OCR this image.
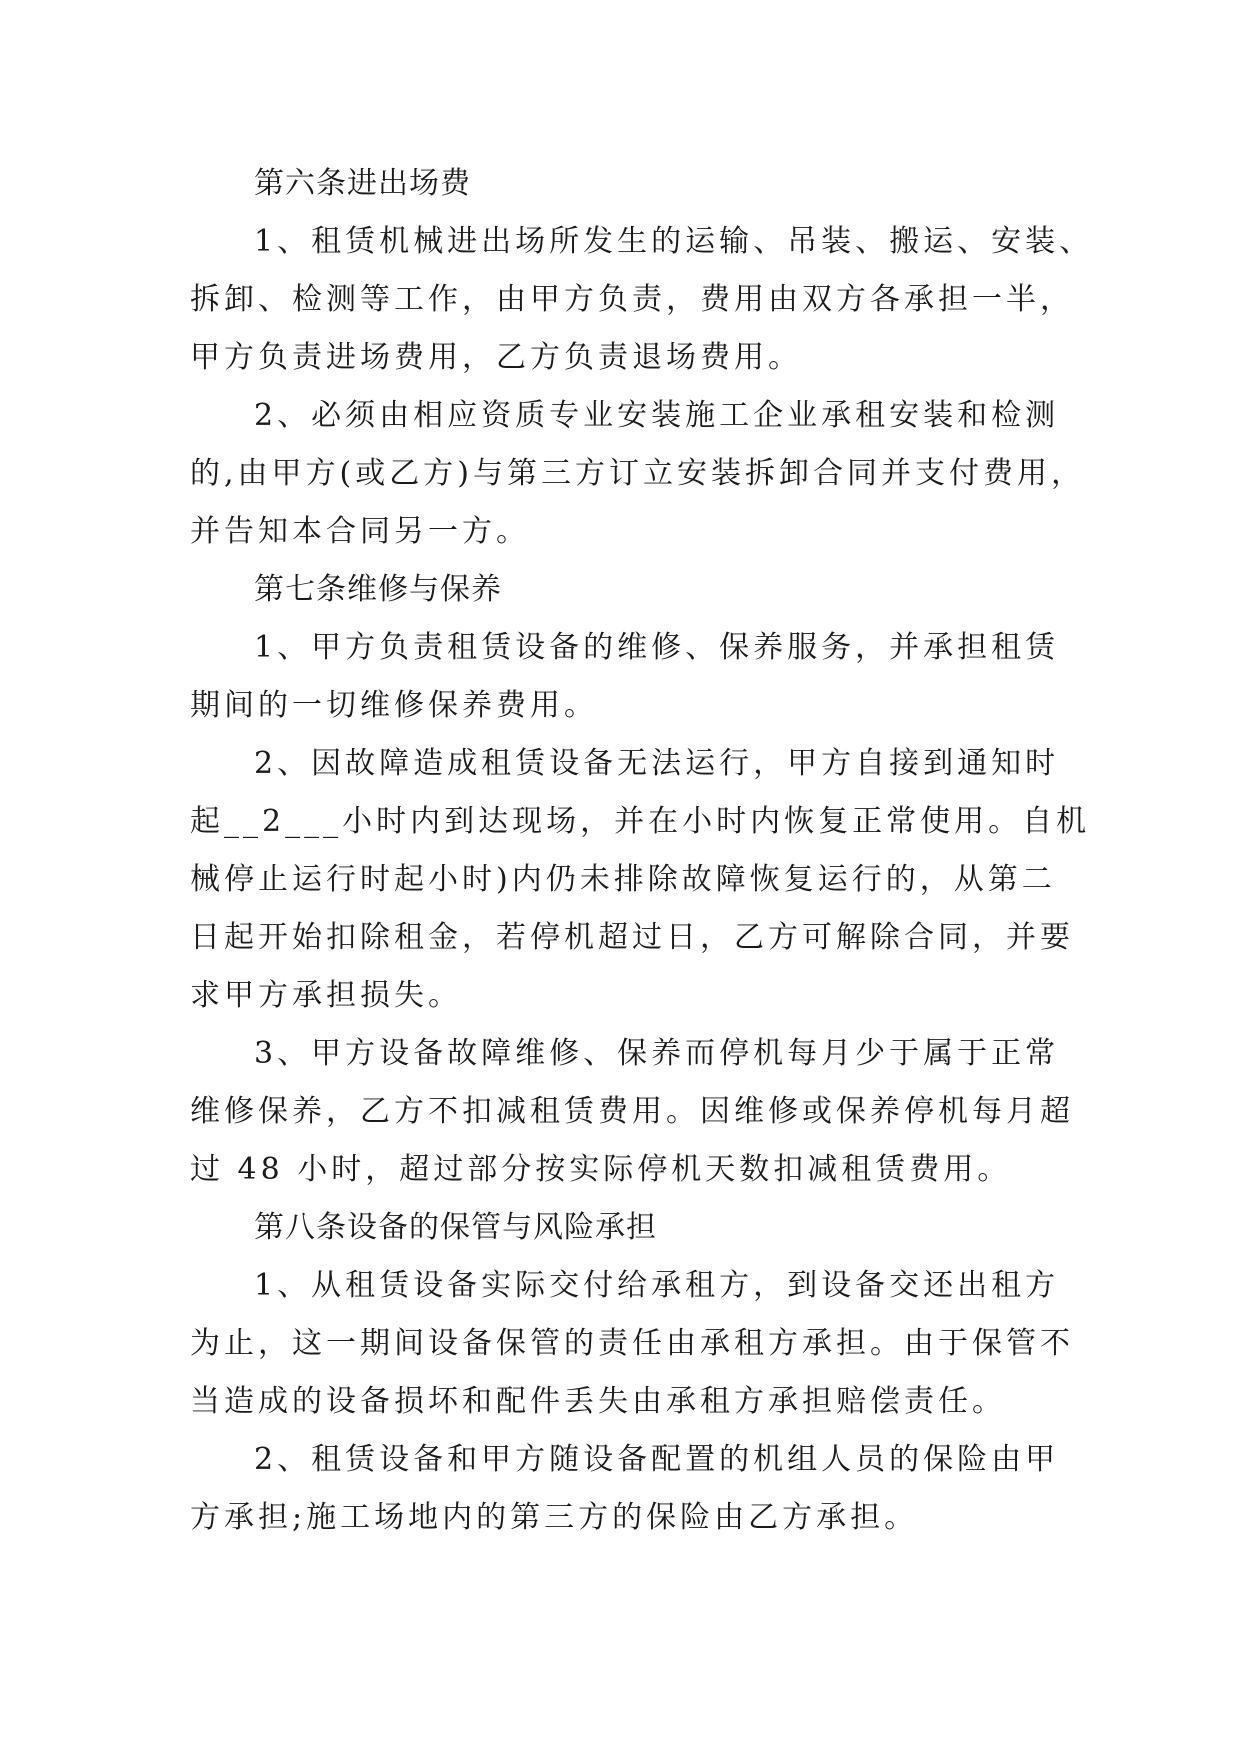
第六条进出场费
1、租赁机械进出场所发生的运输、吊装、搬运、安装、
拆卸、检测等工作，由甲方负责，费用由双方各承担一半，
甲方负责进场费用，乙方负责退场费用。
2、必须由相应资质专业安装施工企业承租安装和检测
的,由甲方(或乙方)与第三方订立安装拆卸合同并支付费用，
并告知本合同另一方。
第七条维修与保养
1、甲方负责租赁设备的维修、保养服务，并承担租赁
期间的一切维修保养费用。
2、因故障造成租赁设备无法运行，甲方自接到通知时
起__2___小时内到达现场，并在小时内恢复正常使用。自机
械停止运行时起小时)内仍未排除故障恢复运行的，从第二
日起开始扣除租金，若停机超过日，乙方可解除合同，并要
求甲方承担损失。
3、甲方设备故障维修、保养而停机每月少于属于正常
维修保养，乙方不扣减租赁费用。因维修或保养停机每月超
过 48 小时，超过部分按实际停机天数扣减租赁费用。
第八条设备的保管与风险承担
1、从租赁设备实际交付给承租方，到设备交还出租方
为止，这一期间设备保管的责任由承租方承担。由于保管不
当造成的设备损坏和配件丢失由承租方承担赔偿责任。
2、租赁设备和甲方随设备配置的机组人员的保险由甲
方承担;施工场地内的第三方的保险由乙方承担。
